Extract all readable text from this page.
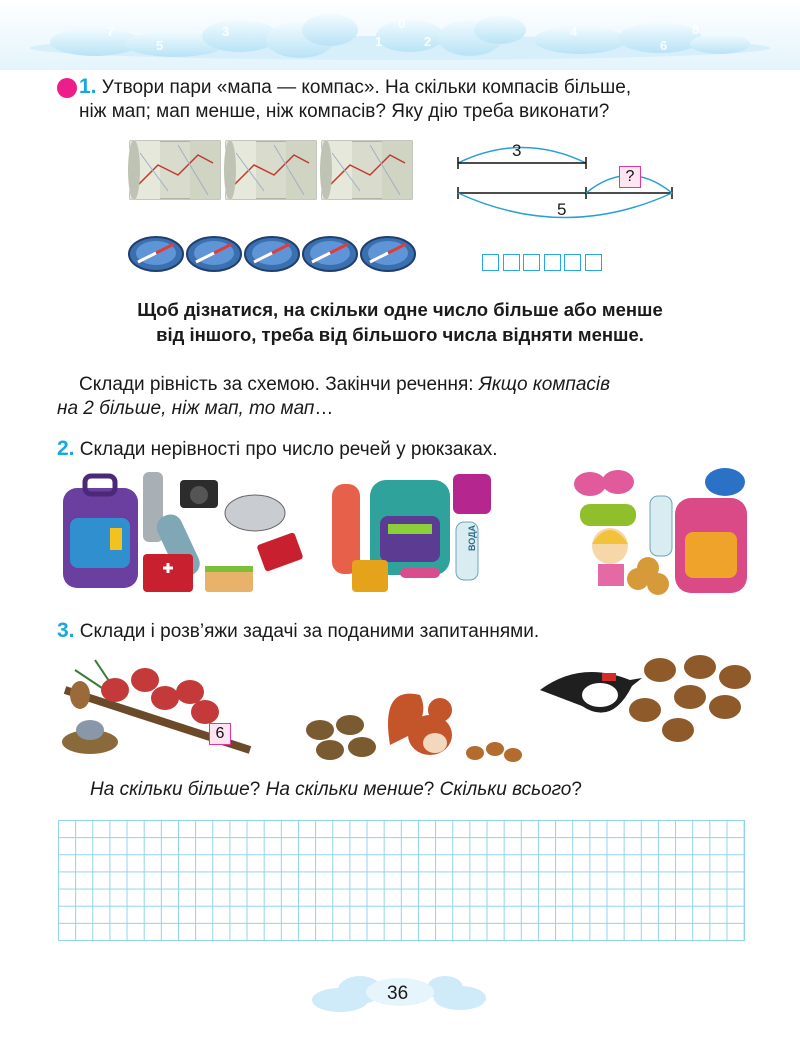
7
5
3
1
0
2
4
6
8
1. Утвори пари «мапа — компас». На скільки компасів більше,
ніж мап; мап менше, ніж компасів? Яку дію треба виконати?
3
?
5
Щоб дізнатися, на скільки одне число більше або менше
від іншого, треба від більшого числа відняти менше.
Склади рівність за схемою. Закінчи речення: Якщо компасів
на 2 більше, ніж мап, то мап…
2. Склади нерівності про число речей у рюкзаках.
ВОДА
3. Склади і розв’яжи задачі за поданими запитаннями.
6
На скільки більше? На скільки менше? Скільки всього?
36
